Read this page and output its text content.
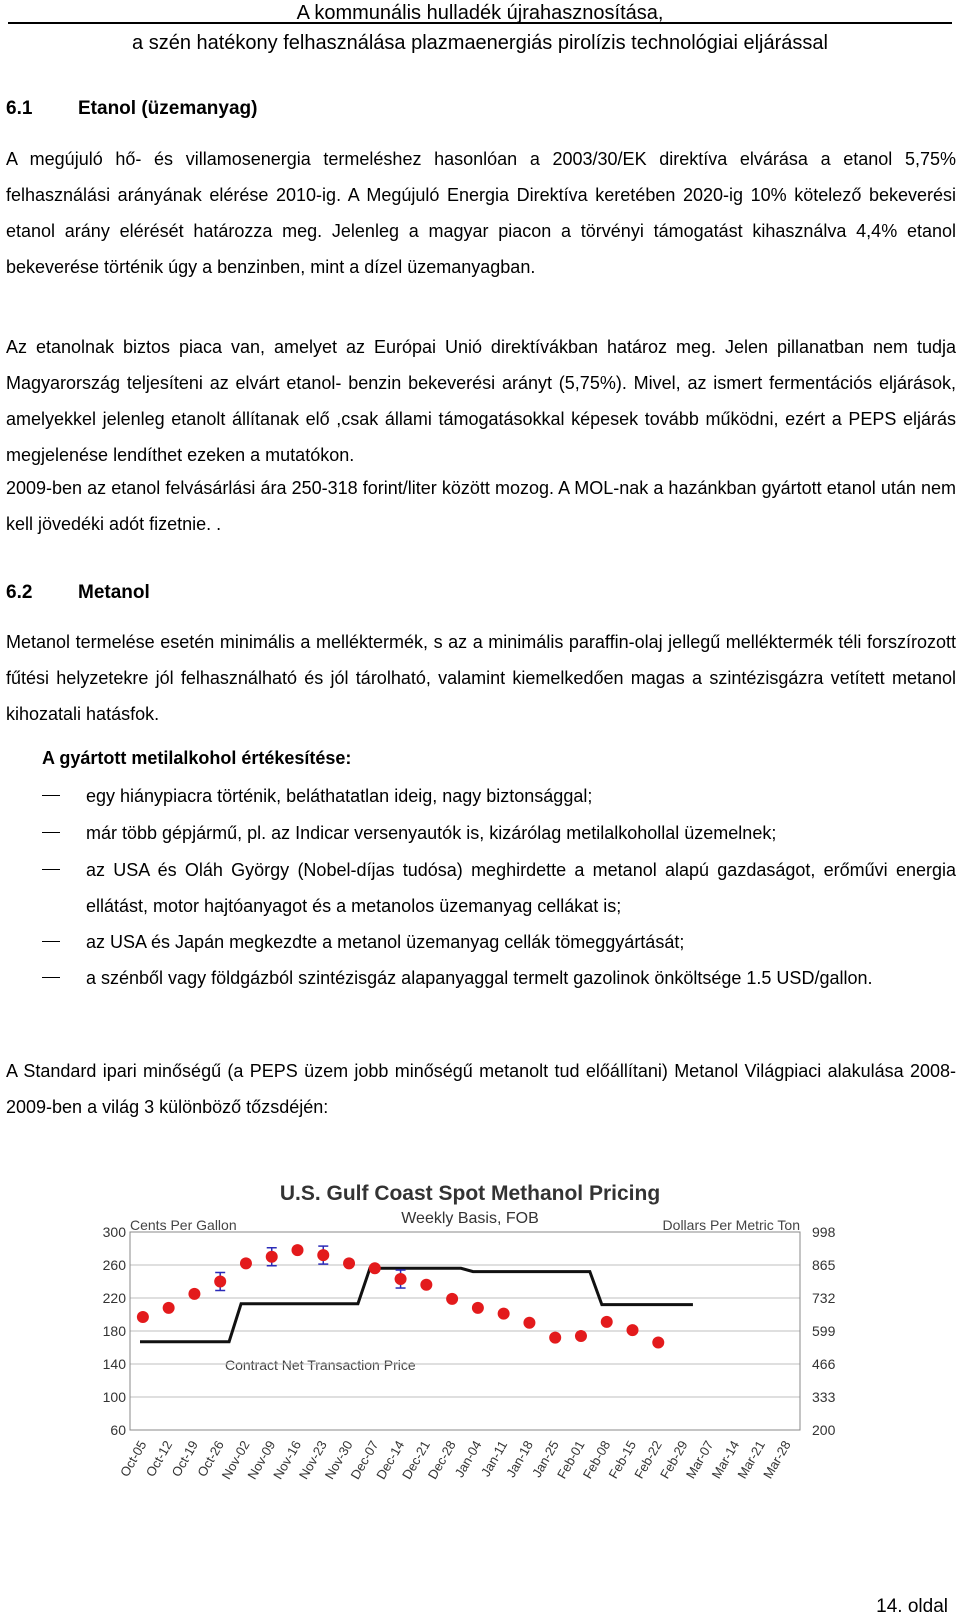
A kommunális hulladék újrahasznosítása,
a szén hatékony felhasználása plazmaenergiás pirolízis technológiai eljárással
6.1 Etanol (üzemanyag)
A megújuló hő- és villamosenergia termeléshez hasonlóan a 2003/30/EK direktíva elvárása a etanol 5,75% felhasználási arányának elérése 2010-ig. A Megújuló Energia Direktíva keretében 2020-ig 10% kötelező bekeverési etanol arány elérését határozza meg. Jelenleg a magyar piacon a törvényi támogatást kihasználva 4,4% etanol bekeverése történik úgy a benzinben, mint a dízel üzemanyagban.
Az etanolnak biztos piaca van, amelyet az Európai Unió direktívákban határoz meg. Jelen pillanatban nem tudja Magyarország teljesíteni az elvárt etanol- benzin bekeverési arányt (5,75%). Mivel, az ismert fermentációs eljárások, amelyekkel jelenleg etanolt állítanak elő ,csak állami támogatásokkal képesek tovább működni, ezért a PEPS eljárás megjelenése lendíthet ezeken a mutatókon.
2009-ben az etanol felvásárlási ára 250-318 forint/liter között mozog. A MOL-nak a hazánkban gyártott etanol után nem kell jövedéki adót fizetnie. .
6.2 Metanol
Metanol termelése esetén minimális a melléktermék, s az a minimális paraffin-olaj jellegű melléktermék téli forszírozott fűtési helyzetekre jól felhasználható és jól tárolható, valamint kiemelkedően magas a szintézisgázra vetített metanol kihozatali hatásfok.
A gyártott metilalkohol értékesítése:
egy hiánypiacra történik, beláthatatlan ideig, nagy biztonsággal;
már több gépjármű, pl. az Indicar versenyautók is, kizárólag metilalkohollal üzemelnek;
az USA és Oláh György (Nobel-díjas tudósa) meghirdette a metanol alapú gazdaságot, erőművi energia ellátást, motor hajtóanyagot és a metanolos üzemanyag cellákat is;
az USA és Japán megkezdte a metanol üzemanyag cellák tömeggyártását;
a szénből vagy földgázból szintézisgáz alapanyaggal termelt gazolinok önköltsége 1.5 USD/gallon.
A Standard ipari minőségű (a PEPS üzem jobb minőségű metanolt tud előállítani) Metanol Világpiaci alakulása 2008-2009-ben a világ 3 különböző tőzsdéjén:
U.S. Gulf Coast Spot Methanol Pricing
Weekly Basis, FOB
Cents Per Gallon	Dollars Per Metric Ton
Contract Net Transaction Price
300	998
260	865
220	732
180	599
140	466
100	333
60	200
Oct-05
Oct-12
Oct-19
Oct-26
Nov-02
Nov-09
Nov-16
Nov-23
Nov-30
Dec-07
Dec-14
Dec-21
Dec-28
Jan-04
Jan-11
Jan-18
Jan-25
Feb-01
Feb-08
Feb-15
Feb-22
Feb-29
Mar-07
Mar-14
Mar-21
Mar-28
14. oldal
